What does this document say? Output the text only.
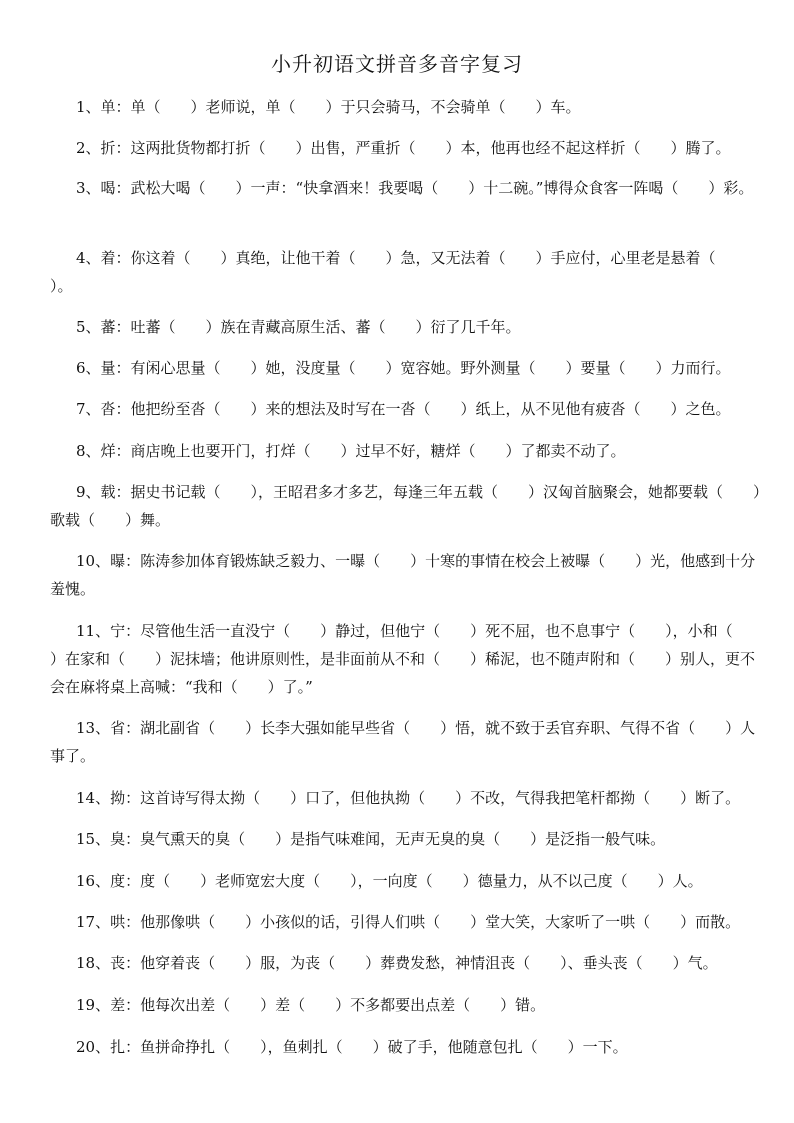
小升初语文拼音多音字复习
1、单：单（　　）老师说，单（　　）于只会骑马，不会骑单（　　）车。
2、折：这两批货物都打折（　　）出售，严重折（　　）本，他再也经不起这样折（　　）腾了。
3、喝：武松大喝（　　）一声：“快拿酒来！我要喝（　　）十二碗。”博得众食客一阵喝（　　）彩。
4、着：你这着（　　）真绝，让他干着（　　）急，又无法着（　　）手应付，心里老是悬着（　　）。
5、蕃：吐蕃（　　）族在青藏高原生活、蕃（　　）衍了几千年。
6、量：有闲心思量（　　）她，没度量（　　）宽容她。野外测量（　　）要量（　　）力而行。
7、沓：他把纷至沓（　　）来的想法及时写在一沓（　　）纸上，从不见他有疲沓（　　）之色。
8、烊：商店晚上也要开门，打烊（　　）过早不好，糖烊（　　）了都卖不动了。
9、载：据史书记载（　　），王昭君多才多艺，每逢三年五载（　　）汉匈首脑聚会，她都要载（　　）歌载（　　）舞。
10、曝：陈涛参加体育锻炼缺乏毅力、一曝（　　）十寒的事情在校会上被曝（　　）光，他感到十分羞愧。
11、宁：尽管他生活一直没宁（　　）静过，但他宁（　　）死不屈，也不息事宁（　　），小和（　　）在家和（　　）泥抹墙；他讲原则性，是非面前从不和（　　）稀泥，也不随声附和（　　）别人，更不会在麻将桌上高喊：“我和（　　）了。”
13、省：湖北副省（　　）长李大强如能早些省（　　）悟，就不致于丢官弃职、气得不省（　　）人事了。
14、拗：这首诗写得太拗（　　）口了，但他执拗（　　）不改，气得我把笔杆都拗（　　）断了。
15、臭：臭气熏天的臭（　　）是指气味难闻，无声无臭的臭（　　）是泛指一般气味。
16、度：度（　　）老师宽宏大度（　　），一向度（　　）德量力，从不以己度（　　）人。
17、哄：他那像哄（　　）小孩似的话，引得人们哄（　　）堂大笑，大家听了一哄（　　）而散。
18、丧：他穿着丧（　　）服，为丧（　　）葬费发愁，神情沮丧（　　）、垂头丧（　　）气。
19、差：他每次出差（　　）差（　　）不多都要出点差（　　）错。
20、扎：鱼拼命挣扎（　　），鱼刺扎（　　）破了手，他随意包扎（　　）一下。
